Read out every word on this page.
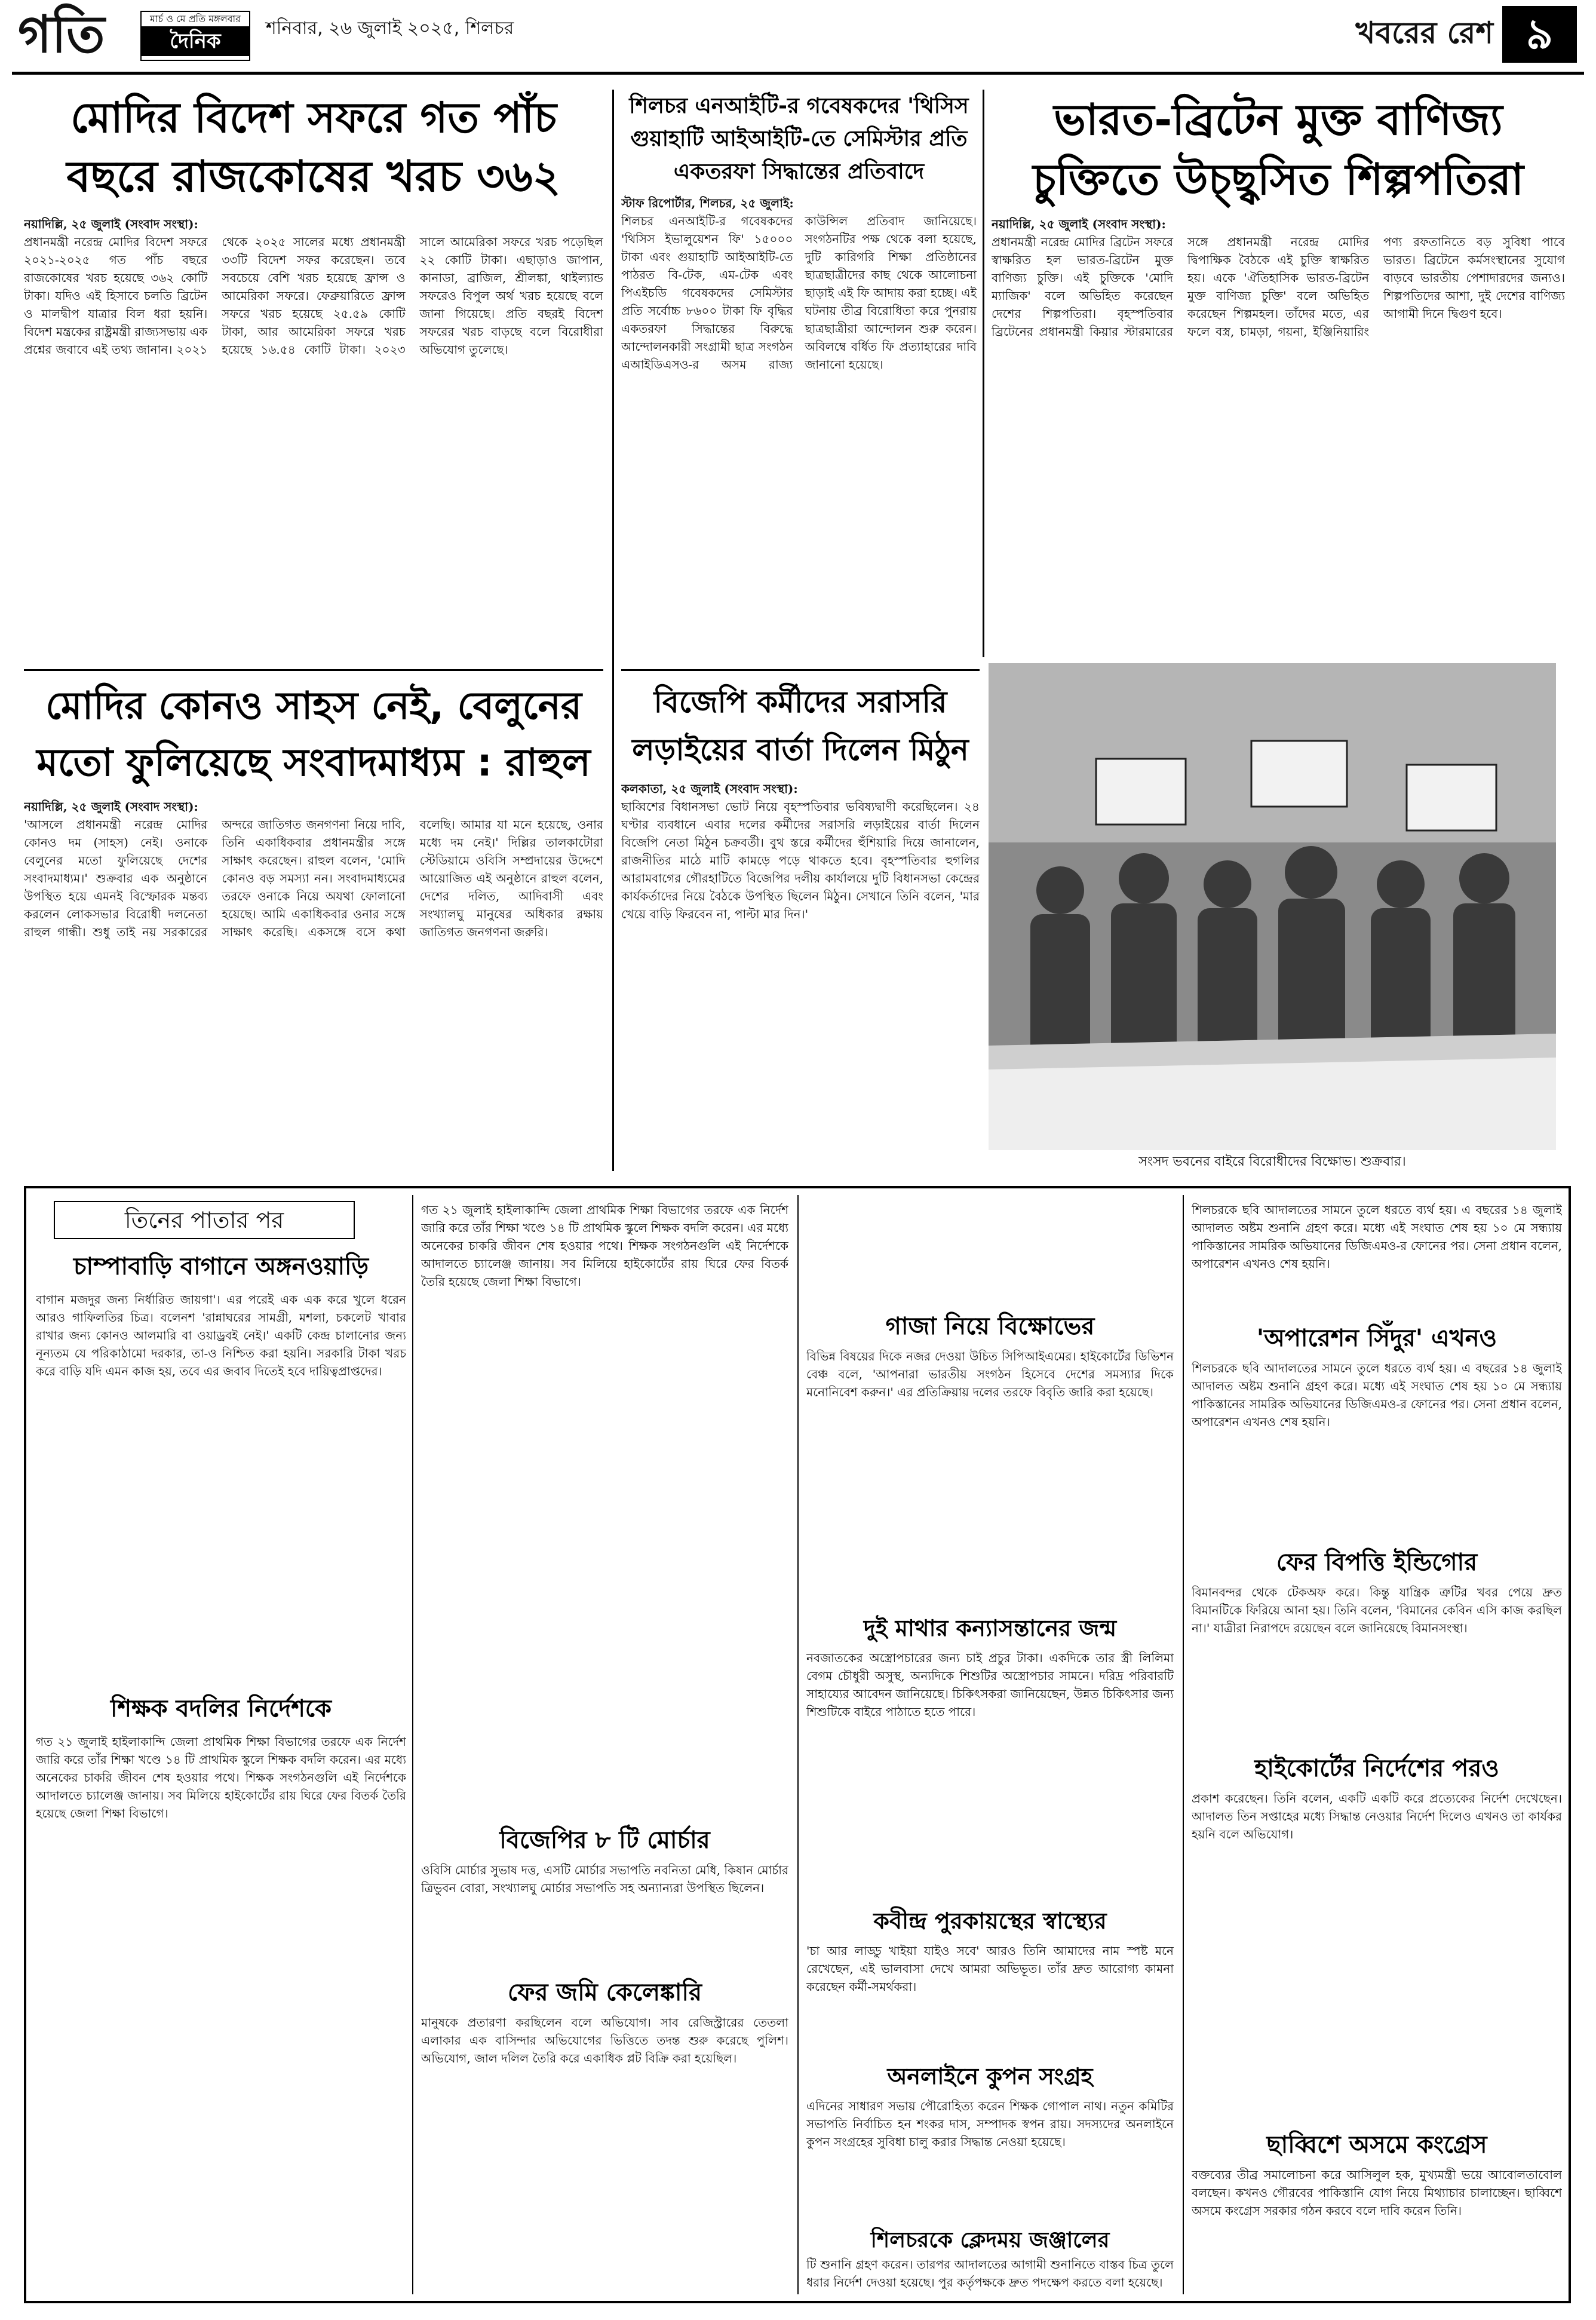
গতি	মার্চ ও মে প্রতি মঙ্গলবার
দৈনিক
শনিবার, ২৬ জুলাই ২০২৫, শিলচর	খবরের রেশ ৯
মোদির বিদেশ সফরে গত পাঁচ
বছরে রাজকোষের খরচ ৩৬২
নয়াদিল্লি, ২৫ জুলাই (সংবাদ সংস্থা):
প্রধানমন্ত্রী নরেন্দ্র মোদির বিদেশ সফরে ২০২১-২০২৫ গত পাঁচ বছরে রাজকোষের খরচ হয়েছে ৩৬২ কোটি টাকা। যদিও এই হিসাবে চলতি ব্রিটেন ও মালদ্বীপ যাত্রার বিল ধরা হয়নি। বিদেশ মন্ত্রকের রাষ্ট্রমন্ত্রী রাজ্যসভায় এক প্রশ্নের জবাবে এই তথ্য জানান। ২০২১ থেকে ২০২৫ সালের মধ্যে প্রধানমন্ত্রী ৩৩টি বিদেশ সফর করেছেন। তবে সবচেয়ে বেশি খরচ হয়েছে ফ্রান্স ও আমেরিকা সফরে। ফেব্রুয়ারিতে ফ্রান্স সফরে খরচ হয়েছে ২৫.৫৯ কোটি টাকা, আর আমেরিকা সফরে খরচ হয়েছে ১৬.৫৪ কোটি টাকা। ২০২৩ সালে আমেরিকা সফরে খরচ পড়েছিল ২২ কোটি টাকা। এছাড়াও জাপান, কানাডা, ব্রাজিল, শ্রীলঙ্কা, থাইল্যান্ড সফরেও বিপুল অর্থ খরচ হয়েছে বলে জানা গিয়েছে। প্রতি বছরই বিদেশ সফরের খরচ বাড়ছে বলে বিরোধীরা অভিযোগ তুলেছে।
মোদির কোনও সাহস নেই, বেলুনের
মতো ফুলিয়েছে সংবাদমাধ্যম : রাহুল
নয়াদিল্লি, ২৫ জুলাই (সংবাদ সংস্থা):
'আসলে প্রধানমন্ত্রী নরেন্দ্র মোদির কোনও দম (সাহস) নেই। ওনাকে বেলুনের মতো ফুলিয়েছে দেশের সংবাদমাধ্যম।' শুক্রবার এক অনুষ্ঠানে উপস্থিত হয়ে এমনই বিস্ফোরক মন্তব্য করলেন লোকসভার বিরোধী দলনেতা রাহুল গান্ধী। শুধু তাই নয় সরকারের অন্দরে জাতিগত জনগণনা নিয়ে দাবি, তিনি একাধিকবার প্রধানমন্ত্রীর সঙ্গে সাক্ষাৎ করেছেন। রাহুল বলেন, 'মোদি কোনও বড় সমস্যা নন। সংবাদমাধ্যমের তরফে ওনাকে নিয়ে অযথা ফোলানো হয়েছে। আমি একাধিকবার ওনার সঙ্গে সাক্ষাৎ করেছি। একসঙ্গে বসে কথা বলেছি। আমার যা মনে হয়েছে, ওনার মধ্যে দম নেই।' দিল্লির তালকাটোরা স্টেডিয়ামে ওবিসি সম্প্রদায়ের উদ্দেশে আয়োজিত এই অনুষ্ঠানে রাহুল বলেন, দেশের দলিত, আদিবাসী এবং সংখ্যালঘু মানুষের অধিকার রক্ষায় জাতিগত জনগণনা জরুরি।
শিলচর এনআইটি-র গবেষকদের 'থিসিস
গুয়াহাটি আইআইটি-তে সেমিস্টার প্রতি
একতরফা সিদ্ধান্তের প্রতিবাদে
স্টাফ রিপোর্টার, শিলচর, ২৫ জুলাই:
শিলচর এনআইটি-র গবেষকদের 'থিসিস ইভালুয়েশন ফি' ১৫০০০ টাকা এবং গুয়াহাটি আইআইটি-তে পাঠরত বি-টেক, এম-টেক এবং পিএইচডি গবেষকদের সেমিস্টার প্রতি সর্বোচ্চ ৮৬০০ টাকা ফি বৃদ্ধির একতরফা সিদ্ধান্তের বিরুদ্ধে আন্দোলনকারী সংগ্রামী ছাত্র সংগঠন এআইডিএসও-র অসম রাজ্য কাউন্সিল প্রতিবাদ জানিয়েছে। সংগঠনটির পক্ষ থেকে বলা হয়েছে, দুটি কারিগরি শিক্ষা প্রতিষ্ঠানের ছাত্রছাত্রীদের কাছ থেকে আলোচনা ছাড়াই এই ফি আদায় করা হচ্ছে। এই ঘটনায় তীব্র বিরোধিতা করে পুনরায় ছাত্রছাত্রীরা আন্দোলন শুরু করেন। অবিলম্বে বর্ধিত ফি প্রত্যাহারের দাবি জানানো হয়েছে।
বিজেপি কর্মীদের সরাসরি
লড়াইয়ের বার্তা দিলেন মিঠুন
কলকাতা, ২৫ জুলাই (সংবাদ সংস্থা):
ছাব্বিশের বিধানসভা ভোট নিয়ে বৃহস্পতিবার ভবিষ্যদ্বাণী করেছিলেন। ২৪ ঘণ্টার ব্যবধানে এবার দলের কর্মীদের সরাসরি লড়াইয়ের বার্তা দিলেন বিজেপি নেতা মিঠুন চক্রবর্তী। বুথ স্তরে কর্মীদের হুঁশিয়ারি দিয়ে জানালেন, রাজনীতির মাঠে মাটি কামড়ে পড়ে থাকতে হবে। বৃহস্পতিবার হুগলির আরামবাগের গৌরহাটিতে বিজেপির দলীয় কার্যালয়ে দুটি বিধানসভা কেন্দ্রের কার্যকর্তাদের নিয়ে বৈঠকে উপস্থিত ছিলেন মিঠুন। সেখানে তিনি বলেন, 'মার খেয়ে বাড়ি ফিরবেন না, পাল্টা মার দিন।'
ভারত-ব্রিটেন মুক্ত বাণিজ্য
চুক্তিতে উচ্ছ্বসিত শিল্পপতিরা
নয়াদিল্লি, ২৫ জুলাই (সংবাদ সংস্থা):
প্রধানমন্ত্রী নরেন্দ্র মোদির ব্রিটেন সফরে স্বাক্ষরিত হল ভারত-ব্রিটেন মুক্ত বাণিজ্য চুক্তি। এই চুক্তিকে 'মোদি ম্যাজিক' বলে অভিহিত করেছেন দেশের শিল্পপতিরা। বৃহস্পতিবার ব্রিটেনের প্রধানমন্ত্রী কিয়ার স্টারমারের সঙ্গে প্রধানমন্ত্রী নরেন্দ্র মোদির দ্বিপাক্ষিক বৈঠকে এই চুক্তি স্বাক্ষরিত হয়। একে 'ঐতিহাসিক ভারত-ব্রিটেন মুক্ত বাণিজ্য চুক্তি' বলে অভিহিত করেছেন শিল্পমহল। তাঁদের মতে, এর ফলে বস্ত্র, চামড়া, গয়না, ইঞ্জিনিয়ারিং পণ্য রফতানিতে বড় সুবিধা পাবে ভারত। ব্রিটেনে কর্মসংস্থানের সুযোগ বাড়বে ভারতীয় পেশাদারদের জন্যও। শিল্পপতিদের আশা, দুই দেশের বাণিজ্য আগামী দিনে দ্বিগুণ হবে।
সংসদ ভবনের বাইরে বিরোধীদের বিক্ষোভ। শুক্রবার।
তিনের পাতার পর
চাম্পাবাড়ি বাগানে অঙ্গনওয়াড়ি
বাগান মজদুর জন্য নির্ধারিত জায়গা'। এর পরেই এক এক করে খুলে ধরেন আরও গাফিলতির চিত্র। বলেনশ 'রান্নাঘরের সামগ্রী, মশলা, চকলেট খাবার রাখার জন্য কোনও আলমারি বা ওয়াড্রবই নেই।' একটি কেন্দ্র চালানোর জন্য নূন্যতম যে পরিকাঠামো দরকার, তা-ও নিশ্চিত করা হয়নি। সরকারি টাকা খরচ করে বাড়ি যদি এমন কাজ হয়, তবে এর জবাব দিতেই হবে দায়িত্বপ্রাপ্তদের।
শিক্ষক বদলির নির্দেশকে
গত ২১ জুলাই হাইলাকান্দি জেলা প্রাথমিক শিক্ষা বিভাগের তরফে এক নির্দেশ জারি করে তাঁর শিক্ষা খণ্ডে ১৪ টি প্রাথমিক স্কুলে শিক্ষক বদলি করেন। এর মধ্যে অনেকের চাকরি জীবন শেষ হওয়ার পথে। শিক্ষক সংগঠনগুলি এই নির্দেশকে আদালতে চ্যালেঞ্জ জানায়। সব মিলিয়ে হাইকোর্টের রায় ঘিরে ফের বিতর্ক তৈরি হয়েছে জেলা শিক্ষা বিভাগে।
গত ২১ জুলাই হাইলাকান্দি জেলা প্রাথমিক শিক্ষা বিভাগের তরফে এক নির্দেশ জারি করে তাঁর শিক্ষা খণ্ডে ১৪ টি প্রাথমিক স্কুলে শিক্ষক বদলি করেন। এর মধ্যে অনেকের চাকরি জীবন শেষ হওয়ার পথে। শিক্ষক সংগঠনগুলি এই নির্দেশকে আদালতে চ্যালেঞ্জ জানায়। সব মিলিয়ে হাইকোর্টের রায় ঘিরে ফের বিতর্ক তৈরি হয়েছে জেলা শিক্ষা বিভাগে।
বিজেপির ৮ টি মোর্চার
ওবিসি মোর্চার সুভাষ দত্ত, এসটি মোর্চার সভাপতি নবনিতা মেধি, কিষান মোর্চার ত্রিভুবন বোরা, সংখ্যালঘু মোর্চার সভাপতি সহ অন্যান্যরা উপস্থিত ছিলেন।
ফের জমি কেলেঙ্কারি
মানুষকে প্রতারণা করছিলেন বলে অভিযোগ। সাব রেজিস্ট্রারের তেতলা এলাকার এক বাসিন্দার অভিযোগের ভিত্তিতে তদন্ত শুরু করেছে পুলিশ। অভিযোগ, জাল দলিল তৈরি করে একাধিক প্লট বিক্রি করা হয়েছিল।
গাজা নিয়ে বিক্ষোভের
বিভিন্ন বিষয়ের দিকে নজর দেওয়া উচিত সিপিআইএমের। হাইকোর্টের ডিভিশন বেঞ্চ বলে, 'আপনারা ভারতীয় সংগঠন হিসেবে দেশের সমস্যার দিকে মনোনিবেশ করুন।' এর প্রতিক্রিয়ায় দলের তরফে বিবৃতি জারি করা হয়েছে।
দুই মাথার কন্যাসন্তানের জন্ম
নবজাতকের অস্ত্রোপচারের জন্য চাই প্রচুর টাকা। একদিকে তার স্ত্রী লিলিমা বেগম চৌধুরী অসুস্থ, অন্যদিকে শিশুটির অস্ত্রোপচার সামনে। দরিদ্র পরিবারটি সাহায্যের আবেদন জানিয়েছে। চিকিৎসকরা জানিয়েছেন, উন্নত চিকিৎসার জন্য শিশুটিকে বাইরে পাঠাতে হতে পারে।
কবীন্দ্র পুরকায়স্থের স্বাস্থ্যের
'চা আর লাড্ডু খাইয়া যাইও সবে' আরও তিনি আমাদের নাম স্পষ্ট মনে রেখেছেন, এই ভালবাসা দেখে আমরা অভিভূত। তাঁর দ্রুত আরোগ্য কামনা করেছেন কর্মী-সমর্থকরা।
অনলাইনে কুপন সংগ্রহ
এদিনের সাধারণ সভায় পৌরোহিত্য করেন শিক্ষক গোপাল নাথ। নতুন কমিটির সভাপতি নির্বাচিত হন শংকর দাস, সম্পাদক স্বপন রায়। সদস্যদের অনলাইনে কুপন সংগ্রহের সুবিধা চালু করার সিদ্ধান্ত নেওয়া হয়েছে।
শিলচরকে ক্লেদময় জঞ্জালের
টি শুনানি গ্রহণ করেন। তারপর আদালতের আগামী শুনানিতে বাস্তব চিত্র তুলে ধরার নির্দেশ দেওয়া হয়েছে। পুর কর্তৃপক্ষকে দ্রুত পদক্ষেপ করতে বলা হয়েছে।
শিলচরকে ছবি আদালতের সামনে তুলে ধরতে ব্যর্থ হয়। এ বছরের ১৪ জুলাই আদালত অষ্টম শুনানি গ্রহণ করে। মধ্যে এই সংঘাত শেষ হয় ১০ মে সন্ধ্যায় পাকিস্তানের সামরিক অভিযানের ডিজিএমও-র ফোনের পর। সেনা প্রধান বলেন, অপারেশন এখনও শেষ হয়নি।
'অপারেশন সিঁদুর' এখনও
শিলচরকে ছবি আদালতের সামনে তুলে ধরতে ব্যর্থ হয়। এ বছরের ১৪ জুলাই আদালত অষ্টম শুনানি গ্রহণ করে। মধ্যে এই সংঘাত শেষ হয় ১০ মে সন্ধ্যায় পাকিস্তানের সামরিক অভিযানের ডিজিএমও-র ফোনের পর। সেনা প্রধান বলেন, অপারেশন এখনও শেষ হয়নি।
ফের বিপত্তি ইন্ডিগোর
বিমানবন্দর থেকে টেকঅফ করে। কিন্তু যান্ত্রিক ত্রুটির খবর পেয়ে দ্রুত বিমানটিকে ফিরিয়ে আনা হয়। তিনি বলেন, 'বিমানের কেবিন এসি কাজ করছিল না।' যাত্রীরা নিরাপদে রয়েছেন বলে জানিয়েছে বিমানসংস্থা।
হাইকোর্টের নির্দেশের পরও
প্রকাশ করেছেন। তিনি বলেন, একটি একটি করে প্রত্যেকের নির্দেশ দেখেছেন। আদালত তিন সপ্তাহের মধ্যে সিদ্ধান্ত নেওয়ার নির্দেশ দিলেও এখনও তা কার্যকর হয়নি বলে অভিযোগ।
ছাব্বিশে অসমে কংগ্রেস
বক্তব্যের তীব্র সমালোচনা করে আসিলুল হক, মুখ্যমন্ত্রী ভয়ে আবোলতাবোল বলছেন। কখনও গৌরবের পাকিস্তানি যোগ নিয়ে মিথ্যাচার চালাচ্ছেন। ছাব্বিশে অসমে কংগ্রেস সরকার গঠন করবে বলে দাবি করেন তিনি।
